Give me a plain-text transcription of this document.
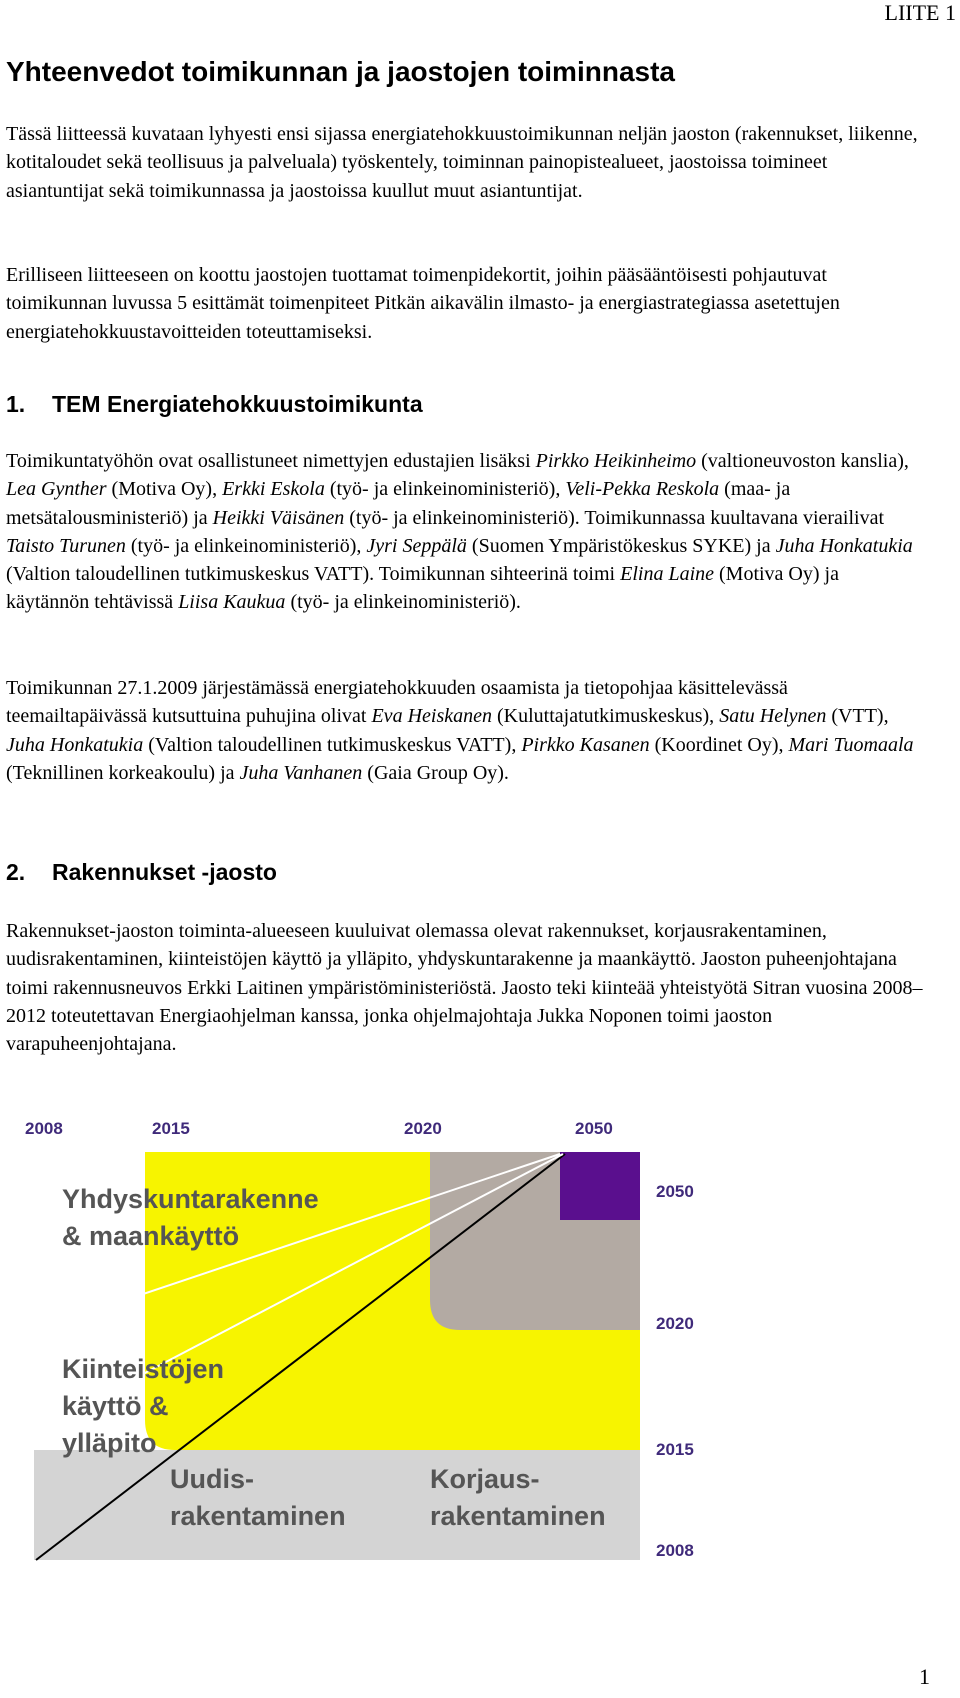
LIITE 1
Yhteenvedot toimikunnan ja jaostojen toiminnasta

Tässä liitteessä kuvataan lyhyesti ensi sijassa energiatehokkuustoimikunnan neljän jaoston (rakennukset, liikenne, kotitaloudet sekä teollisuus ja palveluala) työskentely, toiminnan painopistealueet, jaostoissa toimineet asiantuntijat sekä toimikunnassa ja jaostoissa kuullut muut asiantuntijat.

Erilliseen liitteeseen on koottu jaostojen tuottamat toimenpidekortit, joihin pääsääntöisesti pohjautuvat toimikunnan luvussa 5 esittämät toimenpiteet Pitkän aikavälin ilmasto- ja energiastrategiassa asetettujen energiatehokkuustavoitteiden toteuttamiseksi.

1. TEM Energiatehokkuustoimikunta

Toimikuntatyöhön ovat osallistuneet nimettyjen edustajien lisäksi Pirkko Heikinheimo (valtioneuvoston kanslia), Lea Gynther (Motiva Oy), Erkki Eskola (työ- ja elinkeinoministeriö), Veli-Pekka Reskola (maa- ja metsätalousministeriö) ja Heikki Väisänen (työ- ja elinkeinoministeriö). Toimikunnassa kuultavana vierailivat Taisto Turunen (työ- ja elinkeinoministeriö), Jyri Seppälä (Suomen Ympäristökeskus SYKE) ja Juha Honkatukia (Valtion taloudellinen tutkimuskeskus VATT). Toimikunnan sihteerinä toimi Elina Laine (Motiva Oy) ja käytännön tehtävissä Liisa Kaukua (työ- ja elinkeinoministeriö).

Toimikunnan 27.1.2009 järjestämässä energiatehokkuuden osaamista ja tietopohjaa käsittelevässä teemailtapäivässä kutsuttuina puhujina olivat Eva Heiskanen (Kuluttajatutkimuskeskus), Satu Helynen (VTT), Juha Honkatukia (Valtion taloudellinen tutkimuskeskus VATT), Pirkko Kasanen (Koordinet Oy), Mari Tuomaala (Teknillinen korkeakoulu) ja Juha Vanhanen (Gaia Group Oy).

2. Rakennukset -jaosto

Rakennukset-jaoston toiminta-alueeseen kuuluivat olemassa olevat rakennukset, korjausrakentaminen, uudisrakentaminen, kiinteistöjen käyttö ja ylläpito, yhdyskuntarakenne ja maankäyttö. Jaoston puheenjohtajana toimi rakennusneuvos Erkki Laitinen ympäristöministeriöstä. Jaosto teki kiinteää yhteistyötä Sitran vuosina 2008–2012 toteutettavan Energiaohjelman kanssa, jonka ohjelmajohtaja Jukka Noponen toimi jaoston varapuheenjohtajana.

2008	2015	2020	2050
Yhdyskuntarakenne
& maankäyttö
Kiinteistöjen
käyttö &
ylläpito
Uudis-
rakentaminen
Korjaus-
rakentaminen
2050
2020
2015
2008
1
